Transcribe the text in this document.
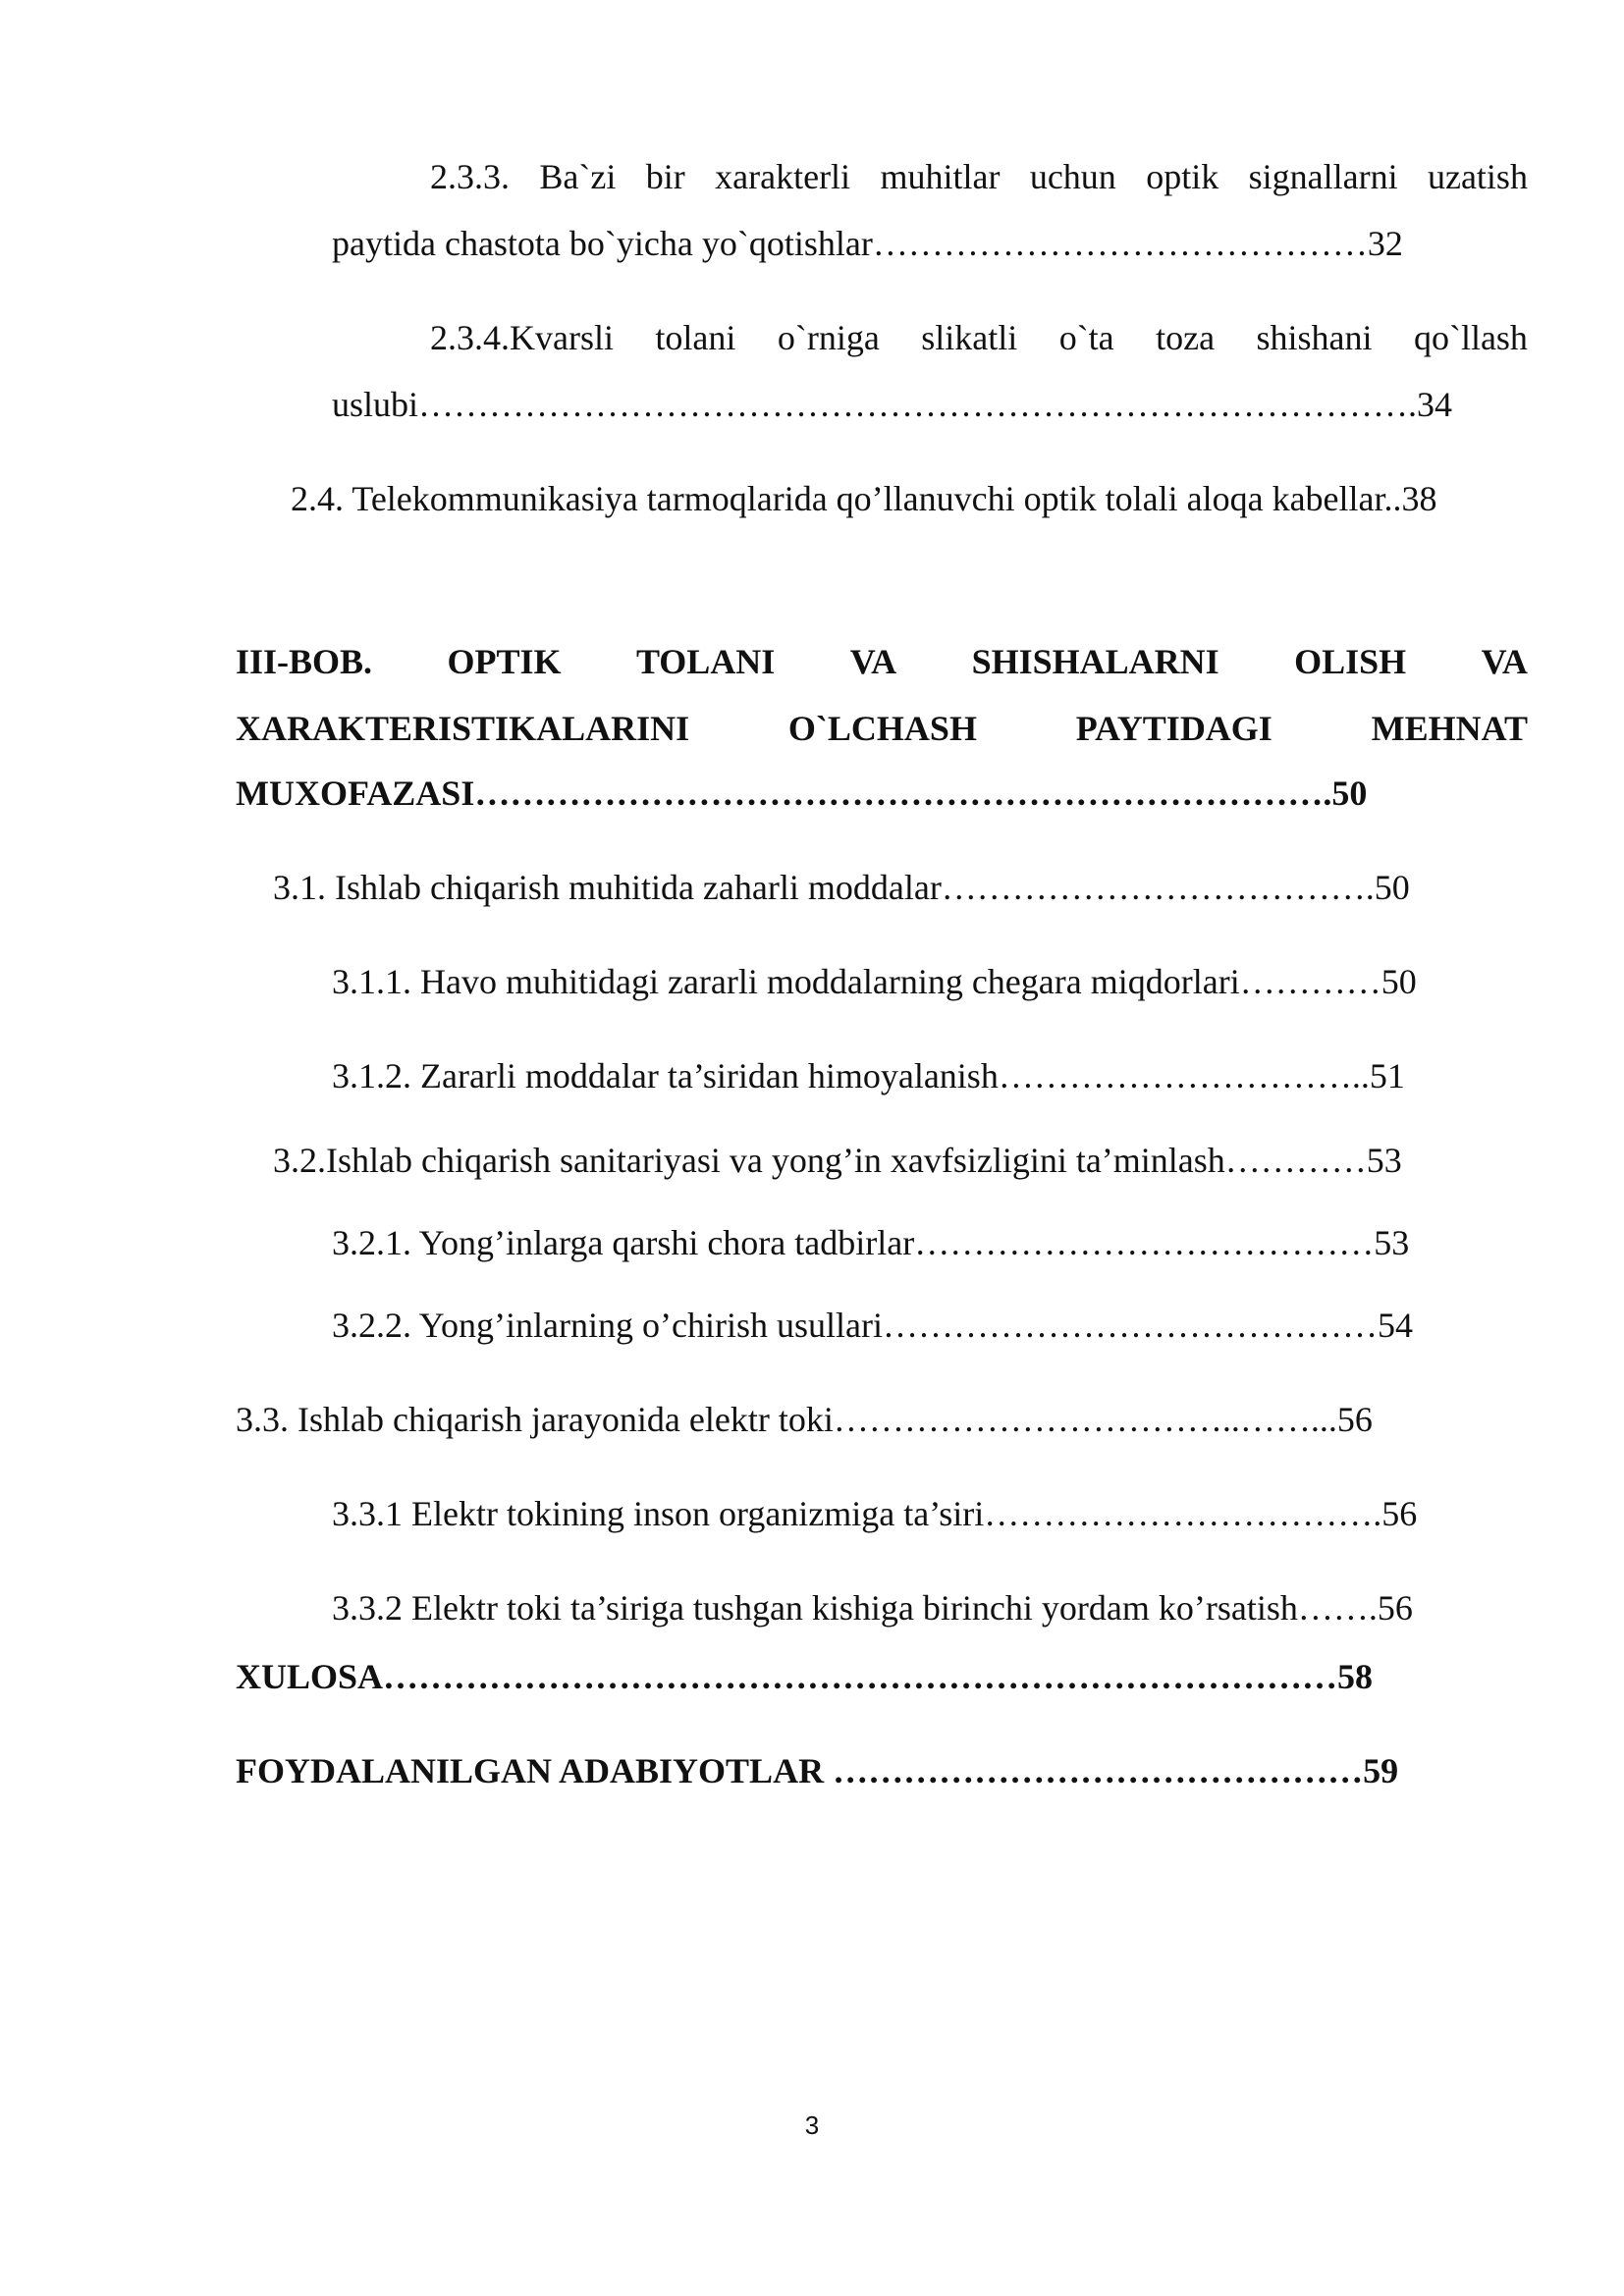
2.3.3. Ba`zi bir xarakterli muhitlar uchun optik signallarni uzatish
paytida chastota bo`yicha yo`qotishlar……………………………………32
2.3.4.Kvarsli tolani o`rniga slikatli o`ta toza shishani qo`llash
uslubi………………………………………………………………………….34
2.4. Telekommunikasiya tarmoqlarida qo’llanuvchi optik tolali aloqa kabellar..38
III-BOB. OPTIK TOLANI VA SHISHALARNI OLISH VA
XARAKTERISTIKALARINI	O`LCHASH	PAYTIDAGI	MEHNAT
MUXOFAZASI……………………………………………………………….50
3.1. Ishlab chiqarish muhitida zaharli moddalar……………………………….50
3.1.1. Havo muhitidagi zararli moddalarning chegara miqdorlari…………50
3.1.2. Zararli moddalar ta’siridan himoyalanish…………………………..51
3.2.Ishlab chiqarish sanitariyasi va yong’in xavfsizligini ta’minlash…………53
3.2.1. Yong’inlarga qarshi chora tadbirlar…………………………………53
3.2.2. Yong’inlarning o’chirish usullari……………………………………54
3.3. Ishlab chiqarish jarayonida elektr toki……………………………..……...56
3.3.1 Elektr tokining inson organizmiga ta’siri…………………………….56
3.3.2 Elektr toki ta’siriga tushgan kishiga birinchi yordam ko’rsatish…….56
XULOSA………………………………………………………………………58
FOYDALANILGAN ADABIYOTLAR ………………………………………59
3
